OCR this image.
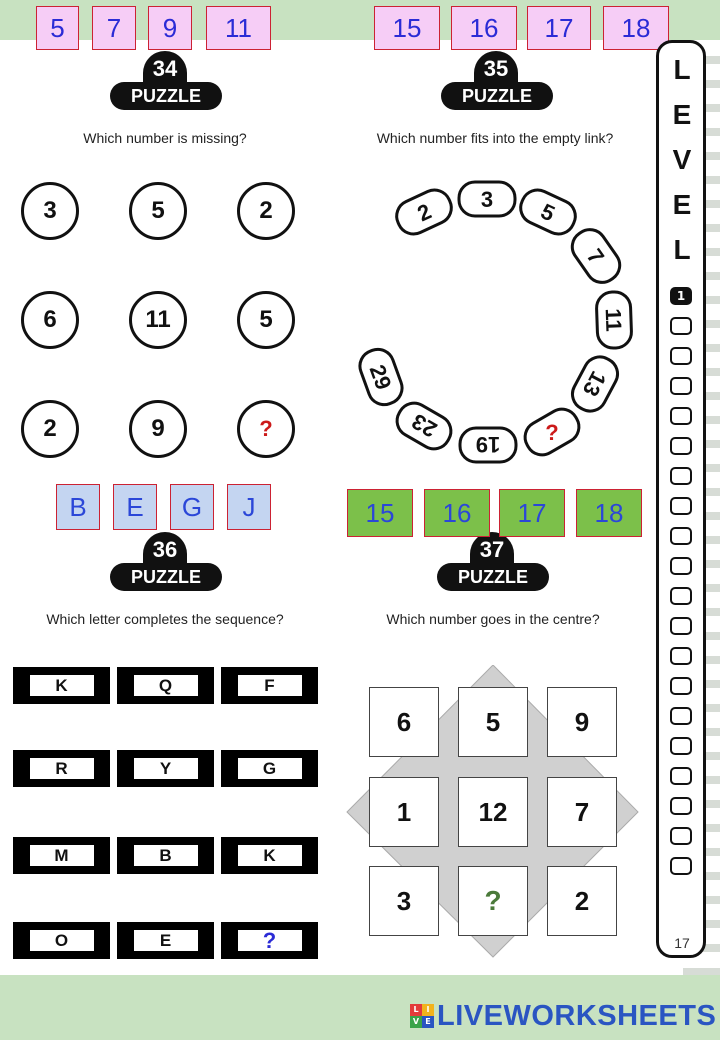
5	7	9	11	15	16	17	18
34
PUZZLE
Which number is missing?
3	5	2
6	11	5
2	9	?
35
PUZZLE
Which number fits into the empty link?
29
2 3 5
7
11
13
?
19
23
B	E	G	J
36
PUZZLE
37
PUZZLE
15	16	17	18
Which letter completes the sequence?	Which number goes in the centre?
K	Q	F
R	Y	G
M	B	K
O	E	?
6	5	9
1	12	7
3	?	2
L
E
V
E
L
1
17
L I
V E LIVEWORKSHEETS
